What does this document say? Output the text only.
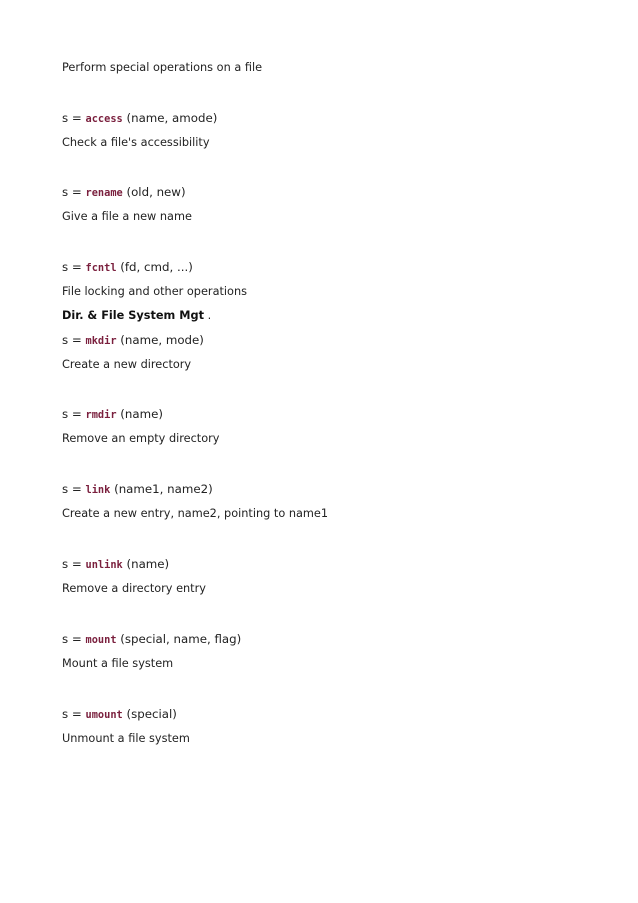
Perform special operations on a file
s = access (name, amode)
Check a file's accessibility
s = rename (old, new)
Give a file a new name
s = fcntl (fd, cmd, ...)
File locking and other operations
Dir. & File System Mgt .
s = mkdir (name, mode)
Create a new directory
s = rmdir (name)
Remove an empty directory
s = link (name1, name2)
Create a new entry, name2, pointing to name1
s = unlink (name)
Remove a directory entry
s = mount (special, name, flag)
Mount a file system
s = umount (special)
Unmount a file system
